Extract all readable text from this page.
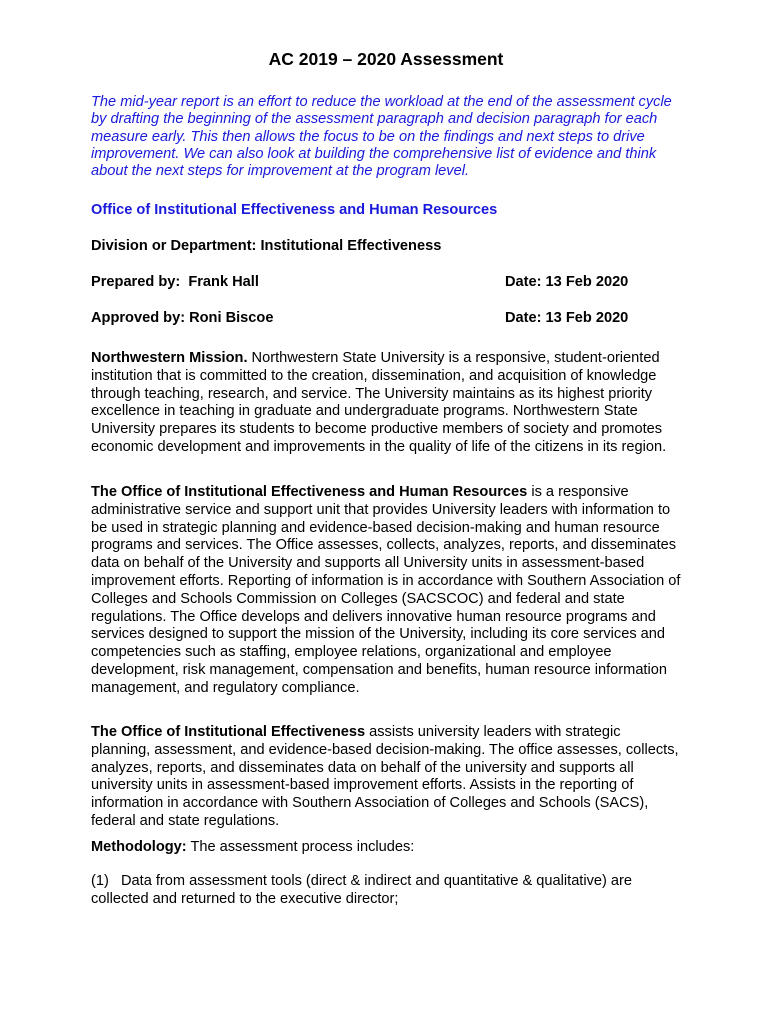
AC 2019 – 2020 Assessment

The mid-year report is an effort to reduce the workload at the end of the assessment cycle by drafting the beginning of the assessment paragraph and decision paragraph for each measure early. This then allows the focus to be on the findings and next steps to drive improvement. We can also look at building the comprehensive list of evidence and think about the next steps for improvement at the program level.

Office of Institutional Effectiveness and Human Resources
Division or Department: Institutional Effectiveness
Prepared by:  Frank Hall	Date: 13 Feb 2020
Approved by: Roni Biscoe	Date: 13 Feb 2020

Northwestern Mission. Northwestern State University is a responsive, student-oriented institution that is committed to the creation, dissemination, and acquisition of knowledge through teaching, research, and service. The University maintains as its highest priority excellence in teaching in graduate and undergraduate programs. Northwestern State University prepares its students to become productive members of society and promotes economic development and improvements in the quality of life of the citizens in its region.

The Office of Institutional Effectiveness and Human Resources is a responsive administrative service and support unit that provides University leaders with information to be used in strategic planning and evidence-based decision-making and human resource programs and services. The Office assesses, collects, analyzes, reports, and disseminates data on behalf of the University and supports all University units in assessment-based improvement efforts. Reporting of information is in accordance with Southern Association of Colleges and Schools Commission on Colleges (SACSCOC) and federal and state regulations. The Office develops and delivers innovative human resource programs and services designed to support the mission of the University, including its core services and competencies such as staffing, employee relations, organizational and employee development, risk management, compensation and benefits, human resource information management, and regulatory compliance.

The Office of Institutional Effectiveness assists university leaders with strategic planning, assessment, and evidence-based decision-making. The office assesses, collects, analyzes, reports, and disseminates data on behalf of the university and supports all university units in assessment-based improvement efforts. Assists in the reporting of information in accordance with Southern Association of Colleges and Schools (SACS), federal and state regulations.

Methodology: The assessment process includes:

(1)   Data from assessment tools (direct & indirect and quantitative & qualitative) are collected and returned to the executive director;
